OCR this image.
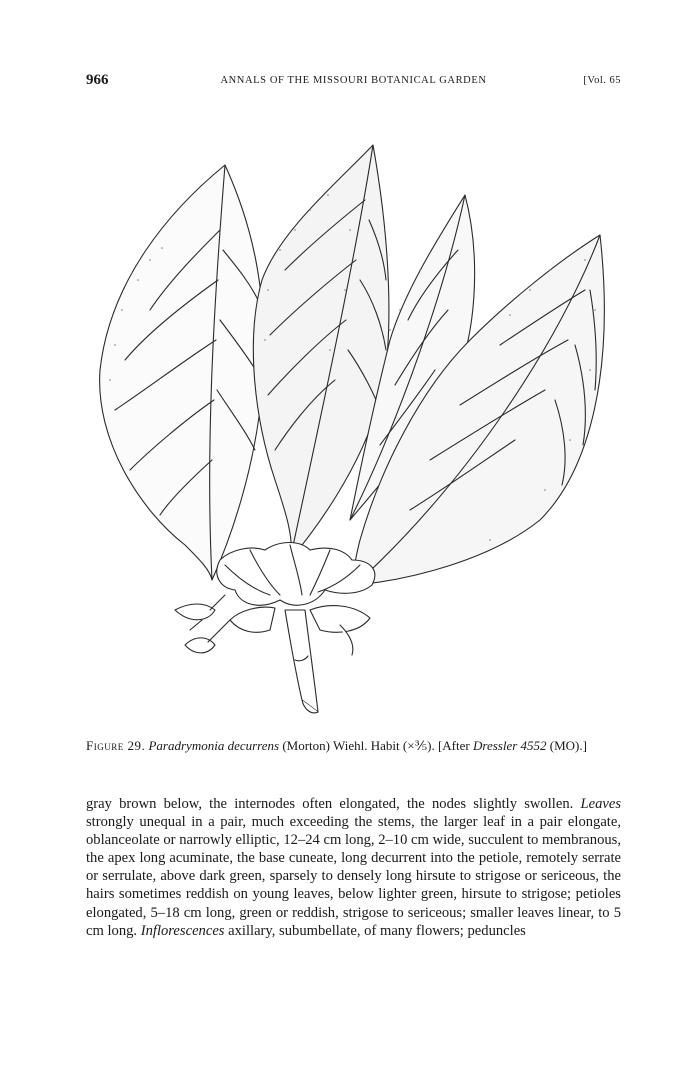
966	ANNALS OF THE MISSOURI BOTANICAL GARDEN	[Vol. 65
Figure 29. Paradrymonia decurrens (Morton) Wiehl. Habit (×⅗). [After Dressler 4552 (MO).]

gray brown below, the internodes often elongated, the nodes slightly swollen. Leaves strongly unequal in a pair, much exceeding the stems, the larger leaf in a pair elongate, oblanceolate or narrowly elliptic, 12–24 cm long, 2–10 cm wide, succulent to membranous, the apex long acuminate, the base cuneate, long decurrent into the petiole, remotely serrate or serrulate, above dark green, sparsely to densely long hirsute to strigose or sericeous, the hairs sometimes reddish on young leaves, below lighter green, hirsute to strigose; petioles elongated, 5–18 cm long, green or reddish, strigose to sericeous; smaller leaves linear, to 5 cm long. Inflorescences axillary, subumbellate, of many flowers; peduncles
